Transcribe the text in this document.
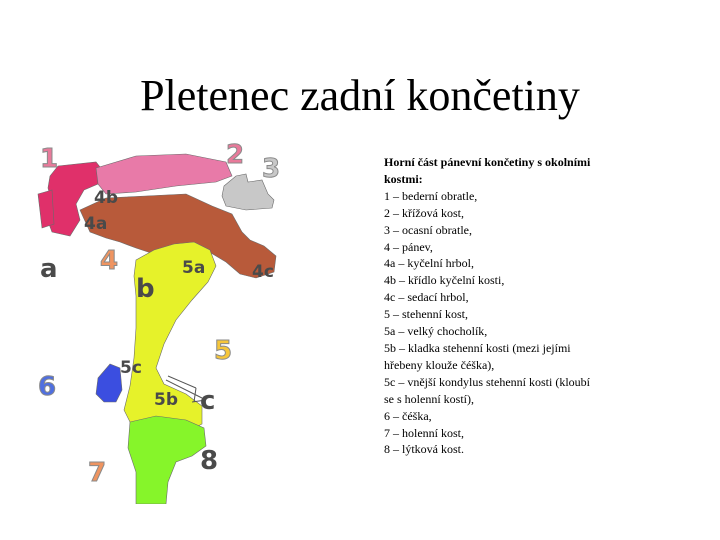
Pletenec zadní končetiny
1	2 3
4b
4a
4
a
b
5a	4c
5
5c
6	5b c
7	8
Horní část pánevní končetiny s okolními kostmi:
1 – bederní obratle,
2 – křížová kost,
3 – ocasní obratle,
4 – pánev,
4a – kyčelní hrbol,
4b – křídlo kyčelní kosti,
4c – sedací hrbol,
5 – stehenní kost,
5a – velký chocholík,
5b – kladka stehenní kosti (mezi jejími hřebeny klouže čéška),
5c – vnější kondylus stehenní kosti (kloubí se s holenní kostí),
6 – čéška,
7 – holenní kost,
8 – lýtková kost.
